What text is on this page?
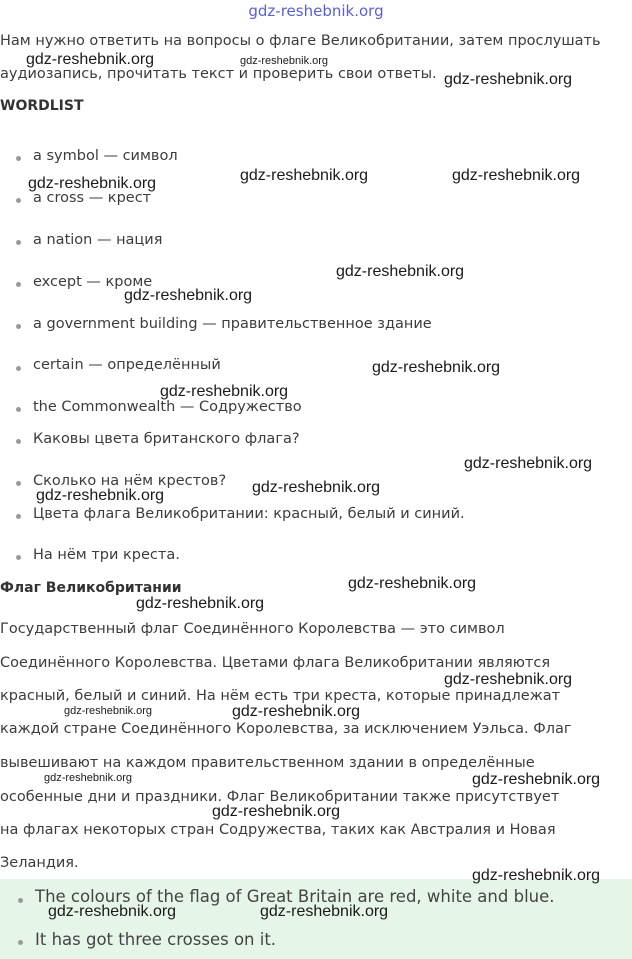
gdz-reshebnik.org
Нам нужно ответить на вопросы о флаге Великобритании, затем прослушать
аудиозапись, прочитать текст и проверить свои ответы.
WORDLIST
a symbol — символ
a cross — крест
a nation — нация
except — кроме
a government building — правительственное здание
certain — определённый
the Commonwealth — Содружество
Каковы цвета британского флага?
Сколько на нём крестов?
Цвета флага Великобритании: красный, белый и синий.
На нём три креста.
Флаг Великобритании
Государственный флаг Соединённого Королевства — это символ
Соединённого Королевства. Цветами флага Великобритании являются
красный, белый и синий. На нём есть три креста, которые принадлежат
каждой стране Соединённого Королевства, за исключением Уэльса. Флаг
вывешивают на каждом правительственном здании в определённые
особенные дни и праздники. Флаг Великобритании также присутствует
на флагах некоторых стран Содружества, таких как Австралия и Новая
Зеландия.
The colours of the flag of Great Britain are red, white and blue.
It has got three crosses on it.
gdz-reshebnik.org	gdz-reshebnik.org
gdz-reshebnik.org
gdz-reshebnik.org	gdz-reshebnik.org	gdz-reshebnik.org
gdz-reshebnik.org
gdz-reshebnik.org
gdz-reshebnik.org
gdz-reshebnik.org
gdz-reshebnik.org
gdz-reshebnik.org
gdz-reshebnik.org
gdz-reshebnik.org
gdz-reshebnik.org
gdz-reshebnik.org
gdz-reshebnik.org	gdz-reshebnik.org
gdz-reshebnik.org	gdz-reshebnik.org
gdz-reshebnik.org
gdz-reshebnik.org
gdz-reshebnik.org	gdz-reshebnik.org
